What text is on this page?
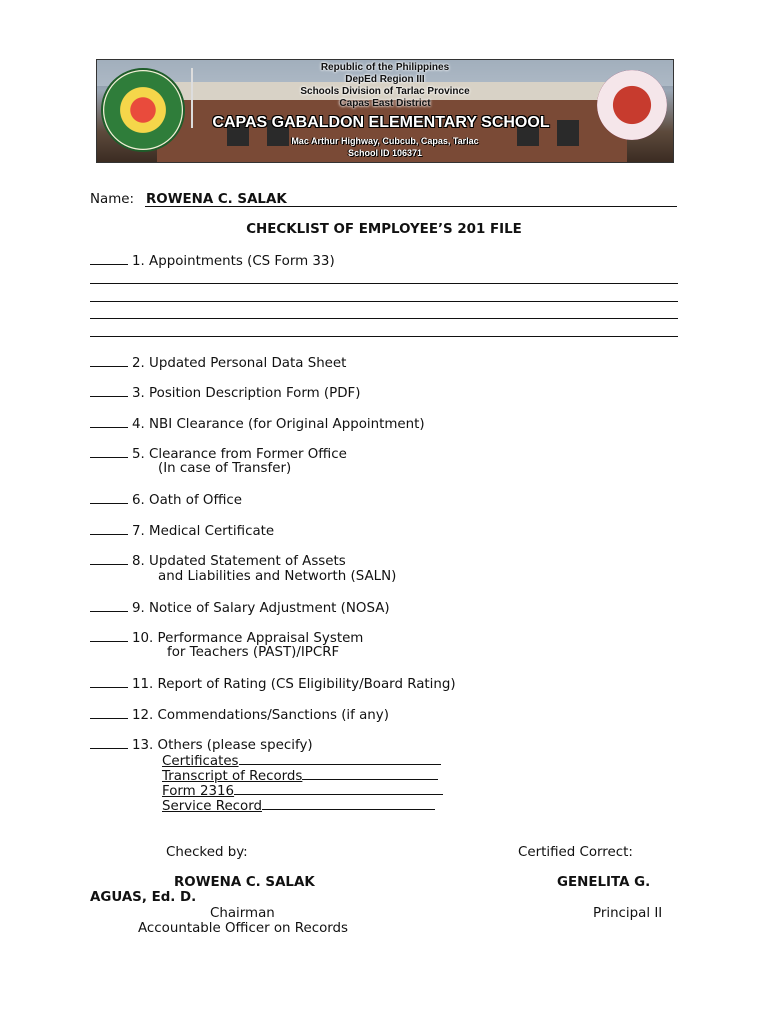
Republic of the Philippines
DepEd Region III
Schools Division of Tarlac Province
Capas East District
CAPAS GABALDON ELEMENTARY SCHOOL
Mac Arthur Highway, Cubcub, Capas, Tarlac
School ID 106371
Name: ROWENA C. SALAK
CHECKLIST OF EMPLOYEE’S 201 FILE
1. Appointments (CS Form 33)
2. Updated Personal Data Sheet
3. Position Description Form (PDF)
4. NBI Clearance (for Original Appointment)
5. Clearance from Former Office
(In case of Transfer)
6. Oath of Office
7. Medical Certificate
8. Updated Statement of Assets
and Liabilities and Networth (SALN)
9. Notice of Salary Adjustment (NOSA)
10. Performance Appraisal System
for Teachers (PAST)/IPCRF
11. Report of Rating (CS Eligibility/Board Rating)
12. Commendations/Sanctions (if any)
13. Others (please specify)
Certificates
Transcript of Records
Form 2316
Service Record
Checked by:	Certified Correct:
ROWENA C. SALAK	GENELITA G.
AGUAS, Ed. D.
Chairman	Principal II
Accountable Officer on Records
